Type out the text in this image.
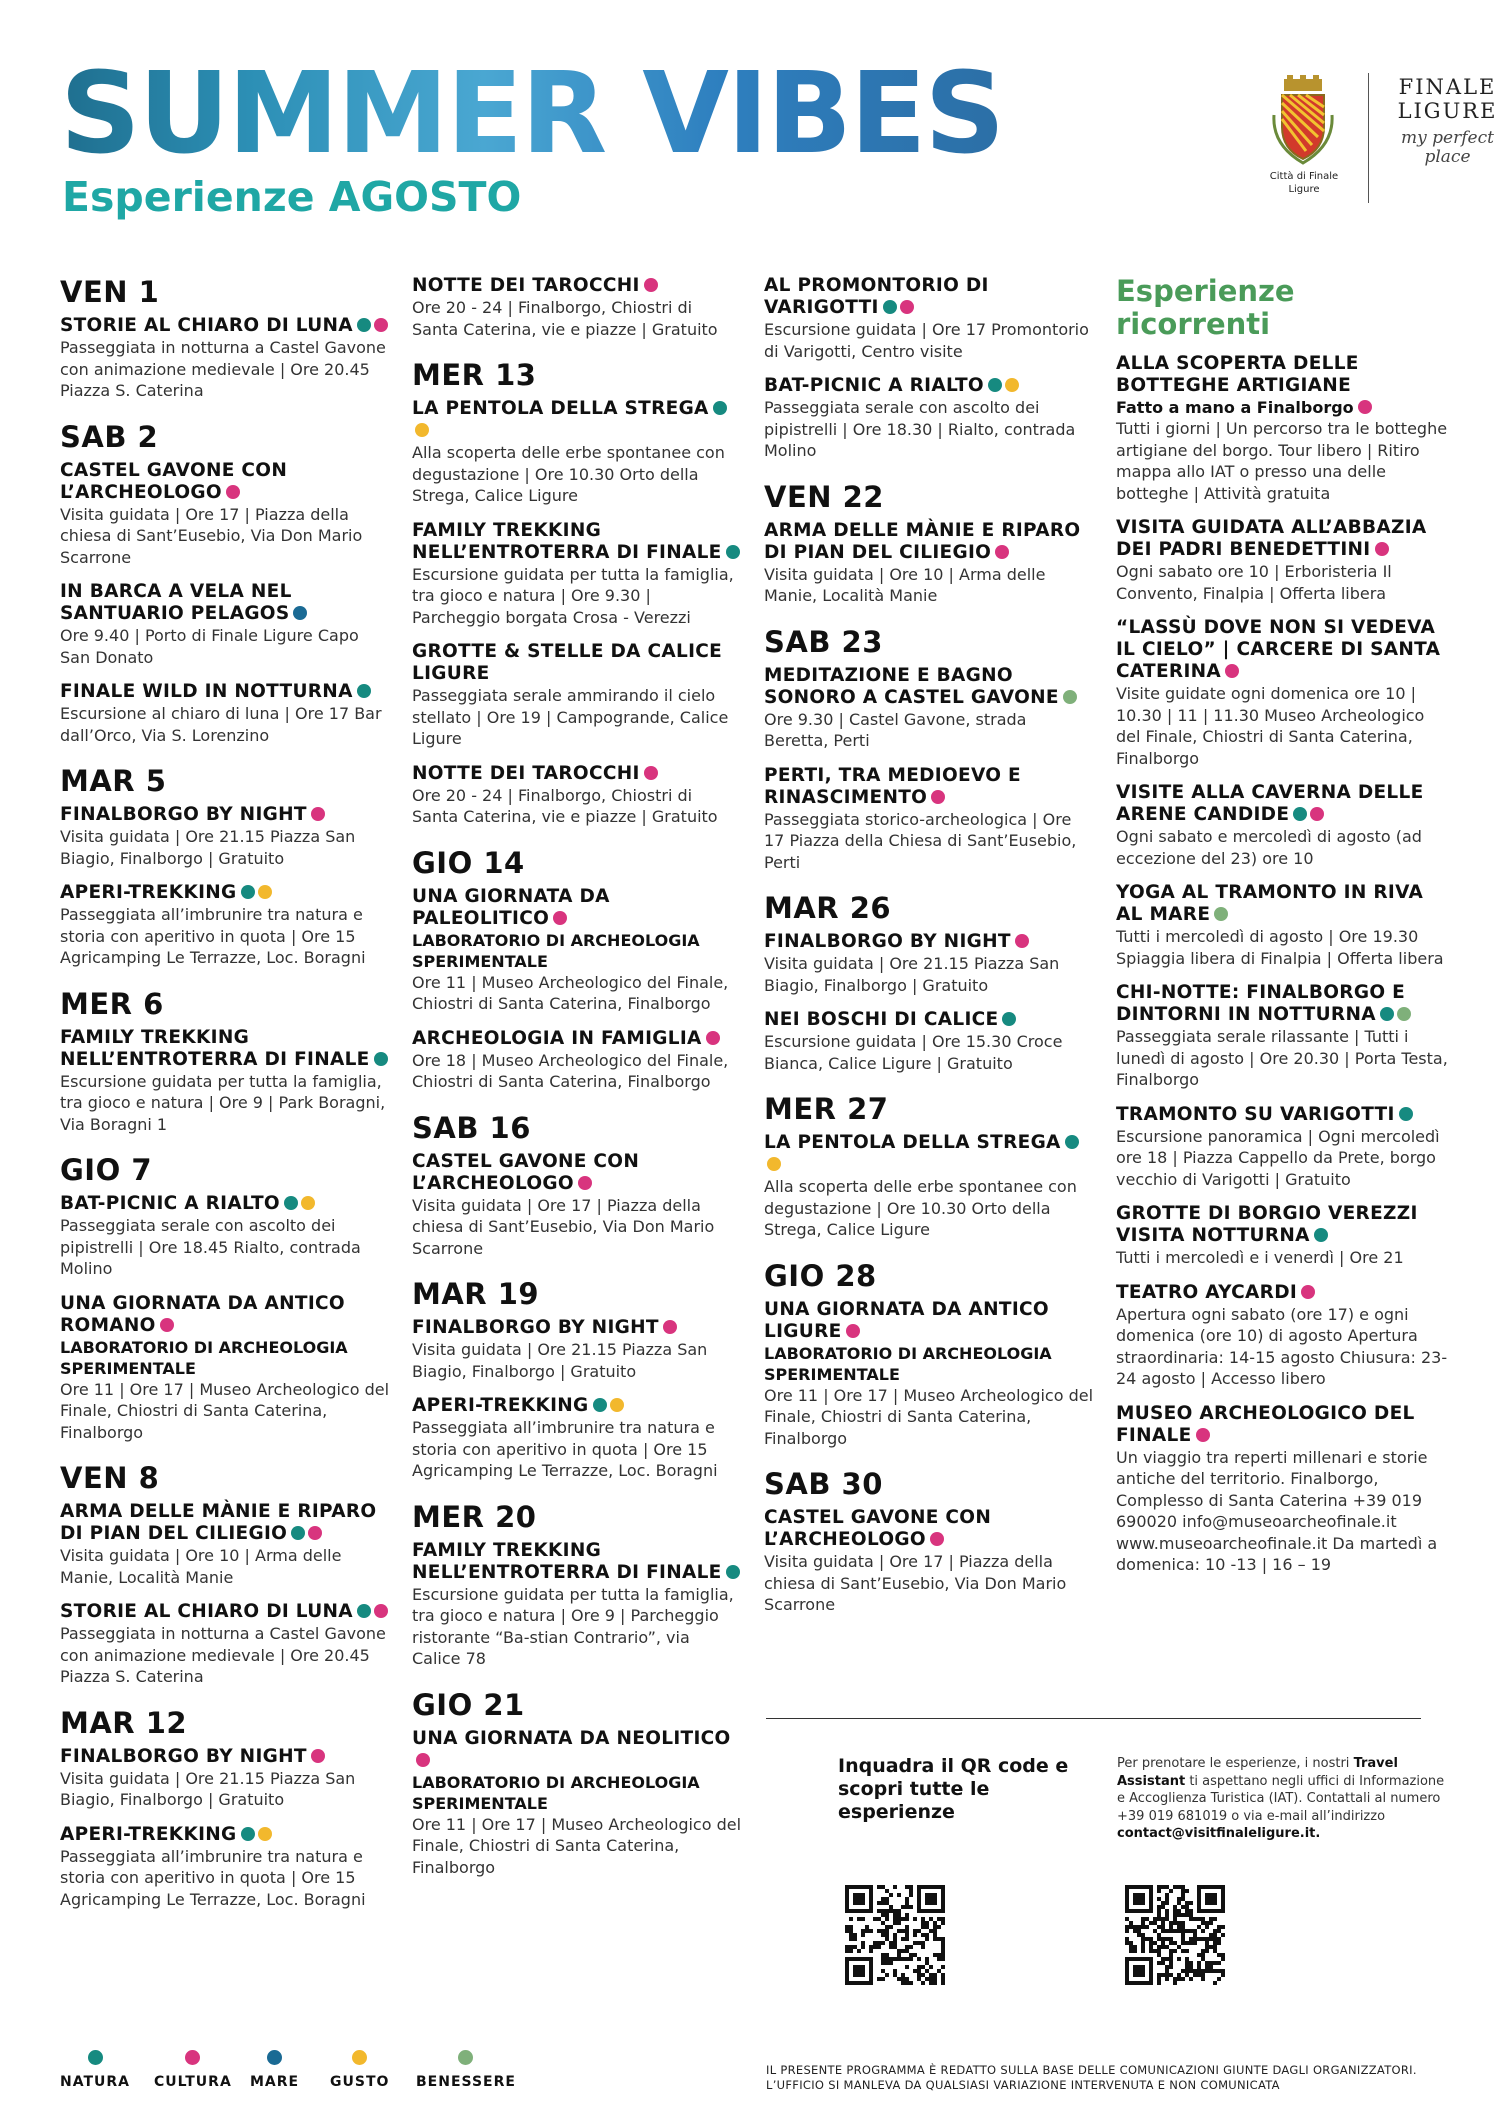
SUMMER VIBES
Esperienze AGOSTO	Città di Finale Ligure
FINALE
LIGURE
my perfect place
VEN 1
STORIE AL CHIARO DI LUNA
Passeggiata in notturna a Castel Gavone con animazione medievale | Ore 20.45 Piazza S. Caterina
SAB 2
CASTEL GAVONE CON L’ARCHEOLOGO
Visita guidata | Ore 17 | Piazza della chiesa di Sant’Eusebio, Via Don Mario Scarrone
IN BARCA A VELA NEL SANTUARIO PELAGOS
Ore 9.40 | Porto di Finale Ligure Capo San Donato
FINALE WILD IN NOTTURNA
Escursione al chiaro di luna | Ore 17 Bar dall’Orco, Via S. Lorenzino
MAR 5
FINALBORGO BY NIGHT
Visita guidata | Ore 21.15 Piazza San Biagio, Finalborgo | Gratuito
APERI-TREKKING
Passeggiata all’imbrunire tra natura e storia con aperitivo in quota | Ore 15 Agricamping Le Terrazze, Loc. Boragni
MER 6
FAMILY TREKKING NELL’ENTROTERRA DI FINALE
Escursione guidata per tutta la famiglia, tra gioco e natura | Ore 9 | Park Boragni, Via Boragni 1
GIO 7
BAT-PICNIC A RIALTO
Passeggiata serale con ascolto dei pipistrelli | Ore 18.45 Rialto, contrada Molino
UNA GIORNATA DA ANTICO ROMANO
LABORATORIO DI ARCHEOLOGIA SPERIMENTALE
Ore 11 | Ore 17 | Museo Archeologico del Finale, Chiostri di Santa Caterina, Finalborgo
VEN 8
ARMA DELLE MÀNIE E RIPARO DI PIAN DEL CILIEGIO
Visita guidata | Ore 10 | Arma delle Manie, Località Manie
STORIE AL CHIARO DI LUNA
Passeggiata in notturna a Castel Gavone con animazione medievale | Ore 20.45 Piazza S. Caterina
MAR 12
FINALBORGO BY NIGHT
Visita guidata | Ore 21.15 Piazza San Biagio, Finalborgo | Gratuito
APERI-TREKKING
Passeggiata all’imbrunire tra natura e storia con aperitivo in quota | Ore 15 Agricamping Le Terrazze, Loc. Boragni
NOTTE DEI TAROCCHI
Ore 20 - 24 | Finalborgo, Chiostri di Santa Caterina, vie e piazze | Gratuito
MER 13
LA PENTOLA DELLA STREGA
Alla scoperta delle erbe spontanee con degustazione | Ore 10.30 Orto della Strega, Calice Ligure
FAMILY TREKKING NELL’ENTROTERRA DI FINALE
Escursione guidata per tutta la famiglia, tra gioco e natura | Ore 9.30 | Parcheggio borgata Crosa - Verezzi
GROTTE & STELLE DA CALICE LIGURE
Passeggiata serale ammirando il cielo stellato | Ore 19 | Campogrande, Calice Ligure
NOTTE DEI TAROCCHI
Ore 20 - 24 | Finalborgo, Chiostri di Santa Caterina, vie e piazze | Gratuito
GIO 14
UNA GIORNATA DA PALEOLITICO
LABORATORIO DI ARCHEOLOGIA SPERIMENTALE
Ore 11 | Museo Archeologico del Finale, Chiostri di Santa Caterina, Finalborgo
ARCHEOLOGIA IN FAMIGLIA
Ore 18 | Museo Archeologico del Finale, Chiostri di Santa Caterina, Finalborgo
SAB 16
CASTEL GAVONE CON L’ARCHEOLOGO
Visita guidata | Ore 17 | Piazza della chiesa di Sant’Eusebio, Via Don Mario Scarrone
MAR 19
FINALBORGO BY NIGHT
Visita guidata | Ore 21.15 Piazza San Biagio, Finalborgo | Gratuito
APERI-TREKKING
Passeggiata all’imbrunire tra natura e storia con aperitivo in quota | Ore 15 Agricamping Le Terrazze, Loc. Boragni
MER 20
FAMILY TREKKING NELL’ENTROTERRA DI FINALE
Escursione guidata per tutta la famiglia, tra gioco e natura | Ore 9 | Parcheggio ristorante “Ba-stian Contrario”, via Calice 78
GIO 21
UNA GIORNATA DA NEOLITICO
LABORATORIO DI ARCHEOLOGIA SPERIMENTALE
Ore 11 | Ore 17 | Museo Archeologico del Finale, Chiostri di Santa Caterina, Finalborgo
AL PROMONTORIO DI VARIGOTTI
Escursione guidata | Ore 17 Promontorio di Varigotti, Centro visite
BAT-PICNIC A RIALTO
Passeggiata serale con ascolto dei pipistrelli | Ore 18.30 | Rialto, contrada Molino
VEN 22
ARMA DELLE MÀNIE E RIPARO DI PIAN DEL CILIEGIO
Visita guidata | Ore 10 | Arma delle Manie, Località Manie
SAB 23
MEDITAZIONE E BAGNO SONORO A CASTEL GAVONE
Ore 9.30 | Castel Gavone, strada Beretta, Perti
PERTI, TRA MEDIOEVO E RINASCIMENTO
Passeggiata storico-archeologica | Ore 17 Piazza della Chiesa di Sant’Eusebio, Perti
MAR 26
FINALBORGO BY NIGHT
Visita guidata | Ore 21.15 Piazza San Biagio, Finalborgo | Gratuito
NEI BOSCHI DI CALICE
Escursione guidata | Ore 15.30 Croce Bianca, Calice Ligure | Gratuito
MER 27
LA PENTOLA DELLA STREGA
Alla scoperta delle erbe spontanee con degustazione | Ore 10.30 Orto della Strega, Calice Ligure
GIO 28
UNA GIORNATA DA ANTICO LIGURE
LABORATORIO DI ARCHEOLOGIA SPERIMENTALE
Ore 11 | Ore 17 | Museo Archeologico del Finale, Chiostri di Santa Caterina, Finalborgo
SAB 30
CASTEL GAVONE CON L’ARCHEOLOGO
Visita guidata | Ore 17 | Piazza della chiesa di Sant’Eusebio, Via Don Mario Scarrone
Esperienze ricorrenti
ALLA SCOPERTA DELLE BOTTEGHE ARTIGIANE
Fatto a mano a Finalborgo
Tutti i giorni | Un percorso tra le botteghe artigiane del borgo. Tour libero | Ritiro mappa allo IAT o presso una delle botteghe | Attività gratuita
VISITA GUIDATA ALL’ABBAZIA DEI PADRI BENEDETTINI
Ogni sabato ore 10 | Erboristeria Il Convento, Finalpia | Offerta libera
“LASSÙ DOVE NON SI VEDEVA IL CIELO” | CARCERE DI SANTA CATERINA
Visite guidate ogni domenica ore 10 | 10.30 | 11 | 11.30 Museo Archeologico del Finale, Chiostri di Santa Caterina, Finalborgo
VISITE ALLA CAVERNA DELLE ARENE CANDIDE
Ogni sabato e mercoledì di agosto (ad eccezione del 23) ore 10
YOGA AL TRAMONTO IN RIVA AL MARE
Tutti i mercoledì di agosto | Ore 19.30 Spiaggia libera di Finalpia | Offerta libera
CHI-NOTTE: FINALBORGO E DINTORNI IN NOTTURNA
Passeggiata serale rilassante | Tutti i lunedì di agosto | Ore 20.30 | Porta Testa, Finalborgo
TRAMONTO SU VARIGOTTI
Escursione panoramica | Ogni mercoledì ore 18 | Piazza Cappello da Prete, borgo vecchio di Varigotti | Gratuito
GROTTE DI BORGIO VEREZZI VISITA NOTTURNA
Tutti i mercoledì e i venerdì | Ore 21
TEATRO AYCARDI
Apertura ogni sabato (ore 17) e ogni domenica (ore 10) di agosto Apertura straordinaria: 14-15 agosto Chiusura: 23-24 agosto | Accesso libero
MUSEO ARCHEOLOGICO DEL FINALE
Un viaggio tra reperti millenari e storie antiche del territorio. Finalborgo, Complesso di Santa Caterina +39 019 690020 info@museoarcheofinale.it www.museoarcheofinale.it Da martedì a domenica: 10 -13 | 16 – 19
Inquadra il QR code e scopri tutte le esperienze
Per prenotare le esperienze, i nostri Travel Assistant ti aspettano negli uffici di Informazione e Accoglienza Turistica (IAT). Contattali al numero +39 019 681019 o via e-mail all’indirizzo contact@visitfinaleligure.it.
NATURA CULTURA MARE GUSTO BENESSERE
IL PRESENTE PROGRAMMA È REDATTO SULLA BASE DELLE COMUNICAZIONI GIUNTE DAGLI ORGANIZZATORI. L’UFFICIO SI MANLEVA DA QUALSIASI VARIAZIONE INTERVENUTA E NON COMUNICATA
